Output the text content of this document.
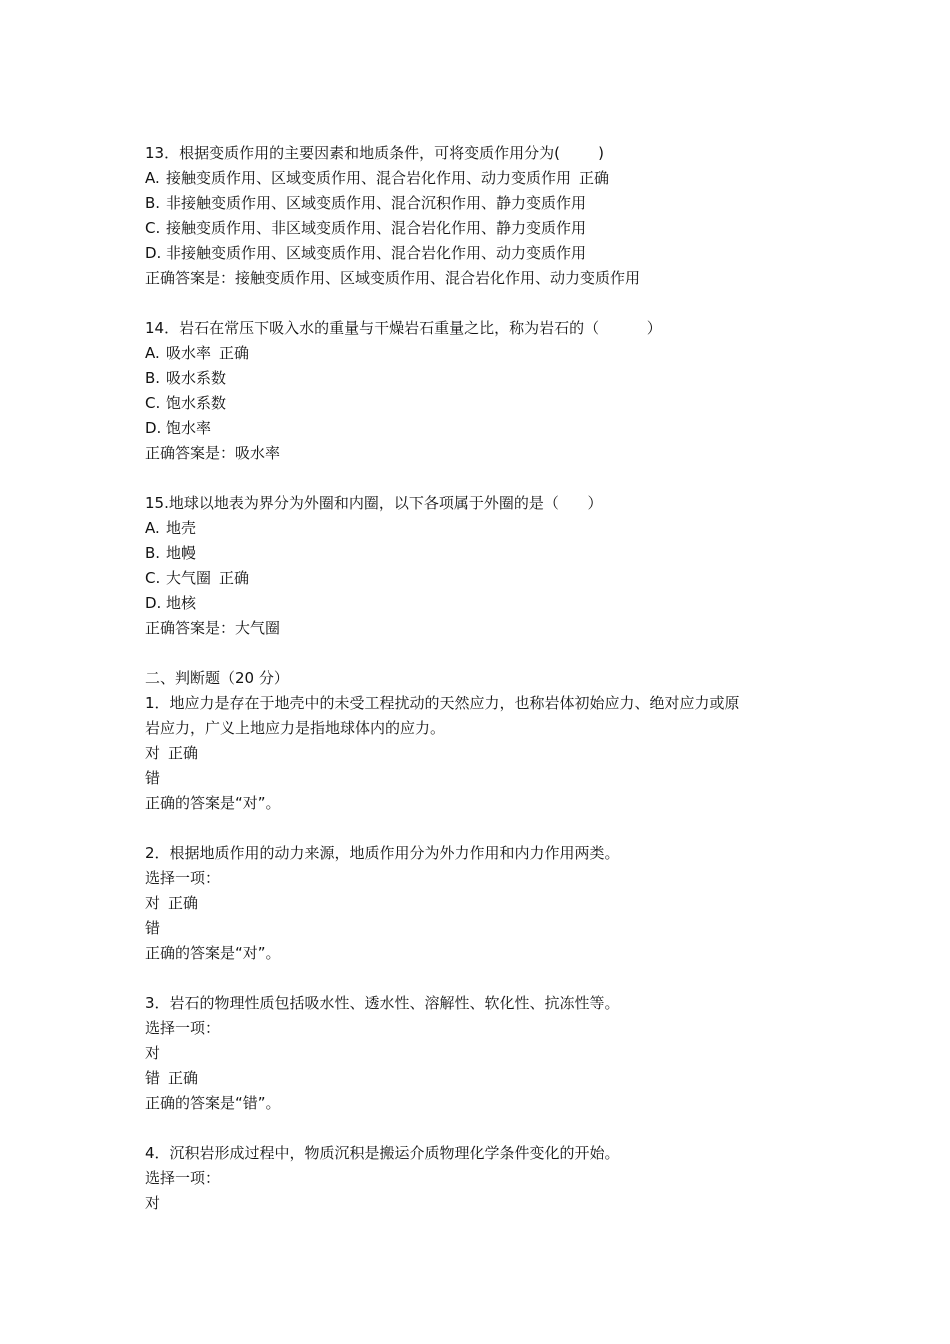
13．根据变质作用的主要因素和地质条件，可将变质作用分为(        )
A. 接触变质作用、区域变质作用、混合岩化作用、动力变质作用 正确
B. 非接触变质作用、区域变质作用、混合沉积作用、静力变质作用
C. 接触变质作用、非区域变质作用、混合岩化作用、静力变质作用
D. 非接触变质作用、区域变质作用、混合岩化作用、动力变质作用
正确答案是：接触变质作用、区域变质作用、混合岩化作用、动力变质作用
14．岩石在常压下吸入水的重量与干燥岩石重量之比，称为岩石的（          ）
A. 吸水率 正确
B. 吸水系数
C. 饱水系数
D. 饱水率
正确答案是：吸水率
15.地球以地表为界分为外圈和内圈，以下各项属于外圈的是（      ）
A. 地壳
B. 地幔
C. 大气圈 正确
D. 地核
正确答案是：大气圈
二、判断题（20 分）
1．地应力是存在于地壳中的未受工程扰动的天然应力，也称岩体初始应力、绝对应力或原
岩应力，广义上地应力是指地球体内的应力。
对 正确
错
正确的答案是“对”。
2．根据地质作用的动力来源，地质作用分为外力作用和内力作用两类。
选择一项：
对 正确
错
正确的答案是“对”。
3．岩石的物理性质包括吸水性、透水性、溶解性、软化性、抗冻性等。
选择一项：
对
错 正确
正确的答案是“错”。
4．沉积岩形成过程中，物质沉积是搬运介质物理化学条件变化的开始。
选择一项：
对
